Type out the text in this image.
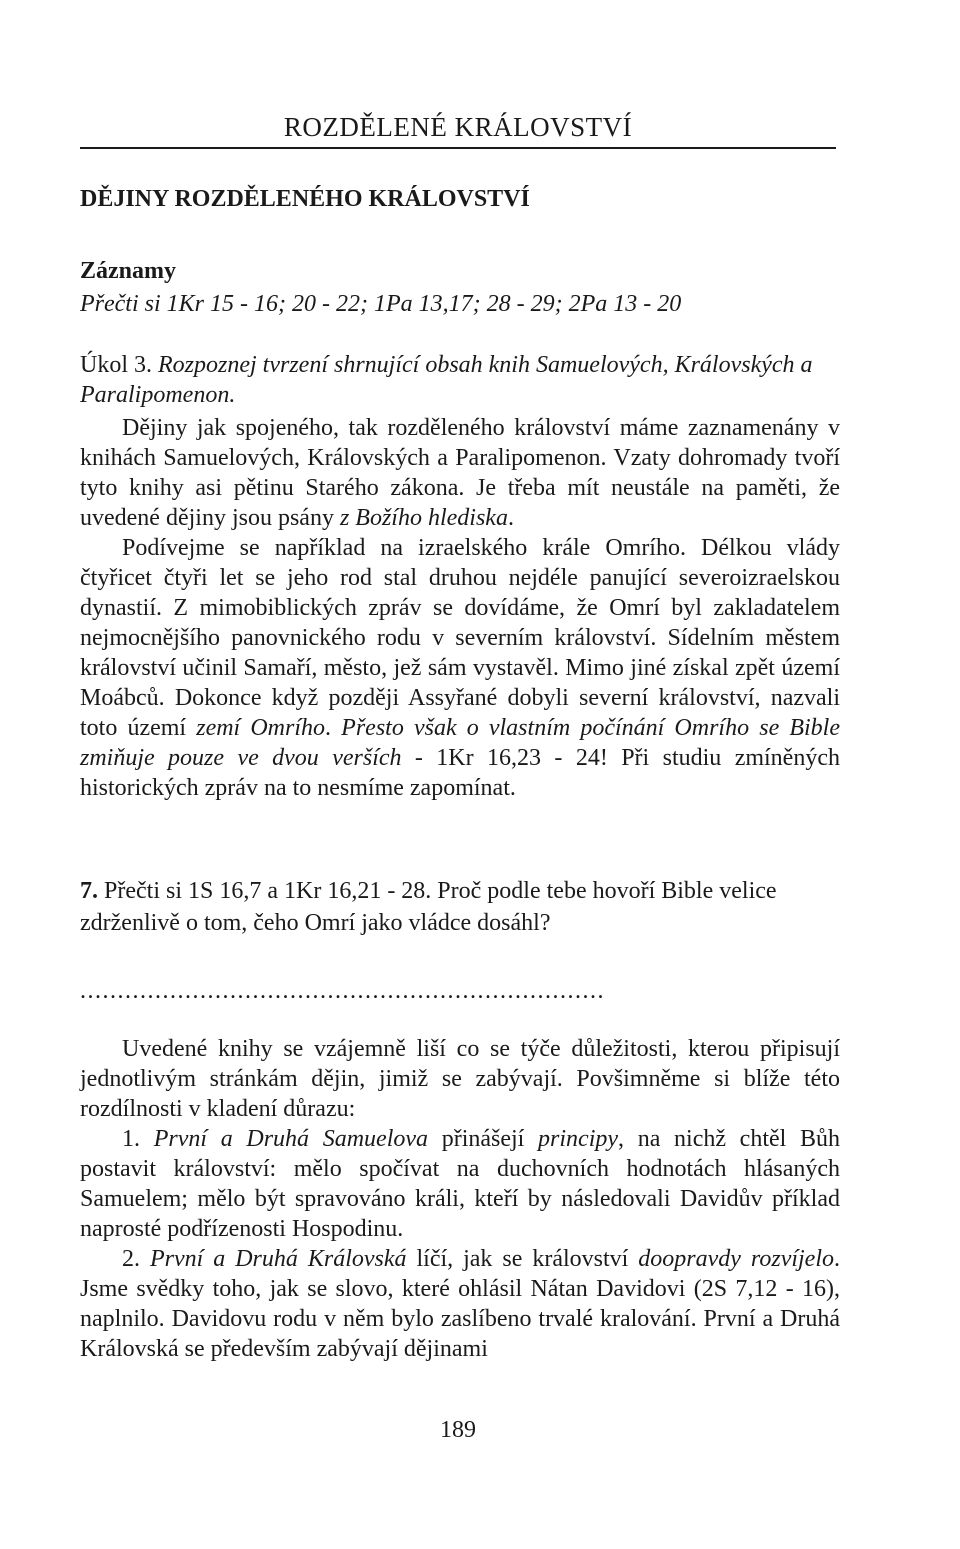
ROZDĚLENÉ KRÁLOVSTVÍ
DĚJINY ROZDĚLENÉHO KRÁLOVSTVÍ
Záznamy
Přečti si 1Kr 15 - 16; 20 - 22; 1Pa 13,17; 28 - 29; 2Pa 13 - 20
Úkol 3. Rozpoznej tvrzení shrnující obsah knih Samuelových, Královských a Paralipomenon.

Dějiny jak spojeného, tak rozděleného království máme zaznamenány v knihách Samuelových, Královských a Paralipomenon. Vzaty dohromady tvoří tyto knihy asi pětinu Starého zákona. Je třeba mít neustále na paměti, že uvedené dějiny jsou psány z Božího hlediska.

Podívejme se například na izraelského krále Omrího. Délkou vlády čtyřicet čtyři let se jeho rod stal druhou nejdéle panující severoizraelskou dynastií. Z mimobiblických zpráv se dovídáme, že Omrí byl zakladatelem nejmocnějšího panovnického rodu v severním království. Sídelním městem království učinil Samaří, město, jež sám vystavěl. Mimo jiné získal zpět území Moábců. Dokonce když později Assyřané dobyli severní království, nazvali toto území zemí Omrího. Přesto však o vlastním počínání Omrího se Bible zmiňuje pouze ve dvou verších - 1Kr 16,23 - 24! Při studiu zmíněných historických zpráv na to nesmíme zapomínat.

7. Přečti si 1S 16,7 a 1Kr 16,21 - 28. Proč podle tebe hovoří Bible velice zdrženlivě o tom, čeho Omrí jako vládce dosáhl?
......................................................................

Uvedené knihy se vzájemně liší co se týče důležitosti, kterou připisují jednotlivým stránkám dějin, jimiž se zabývají. Povšimněme si blíže této rozdílnosti v kladení důrazu:

1. První a Druhá Samuelova přinášejí principy, na nichž chtěl Bůh postavit království: mělo spočívat na duchovních hodnotách hlásaných Samuelem; mělo být spravováno králi, kteří by následovali Davidův příklad naprosté podřízenosti Hospodinu.

2. První a Druhá Královská líčí, jak se království doopravdy rozvíjelo. Jsme svědky toho, jak se slovo, které ohlásil Nátan Davidovi (2S 7,12 - 16), naplnilo. Davidovu rodu v něm bylo zaslíbeno trvalé kralování. První a Druhá Královská se především zabývají dějinami

189
